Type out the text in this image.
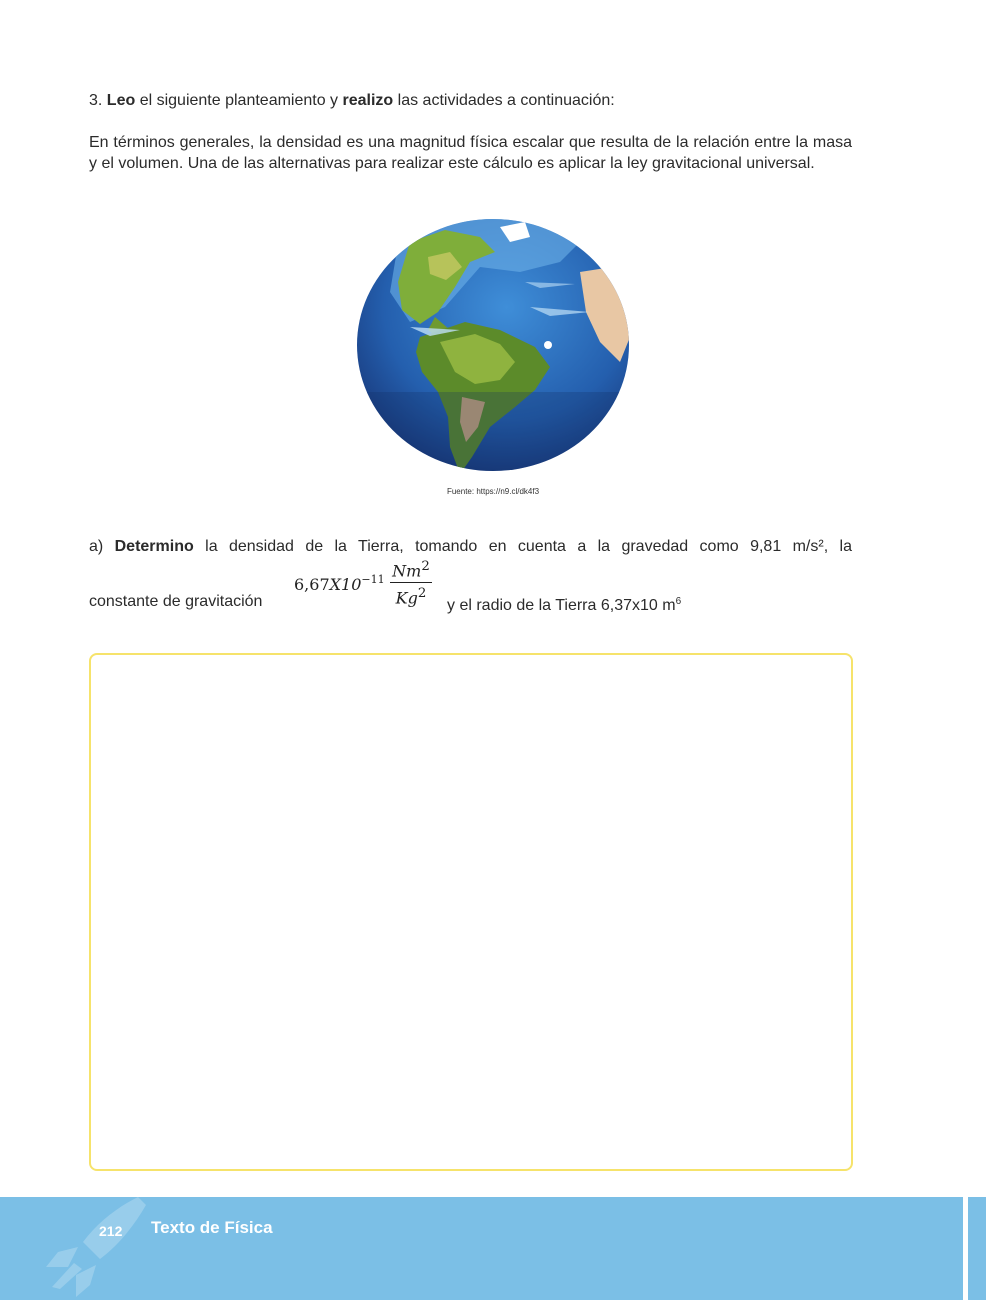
3. Leo el siguiente planteamiento y realizo las actividades a continuación:
En términos generales, la densidad es una magnitud física escalar que resulta de la relación entre la masa y el volumen. Una de las alternativas para realizar este cálculo es aplicar la ley gravitacional universal.
Fuente: https://n9.cl/dk4f3
a) Determino la densidad de la Tierra, tomando en cuenta a la gravedad como 9,81 m/s², la
constante de gravitación
$6,67X10^{-11}$ Nm$^2$
Kg$^2$
y el radio de la Tierra 6,37x10 $m^6$
212 Texto de Física
